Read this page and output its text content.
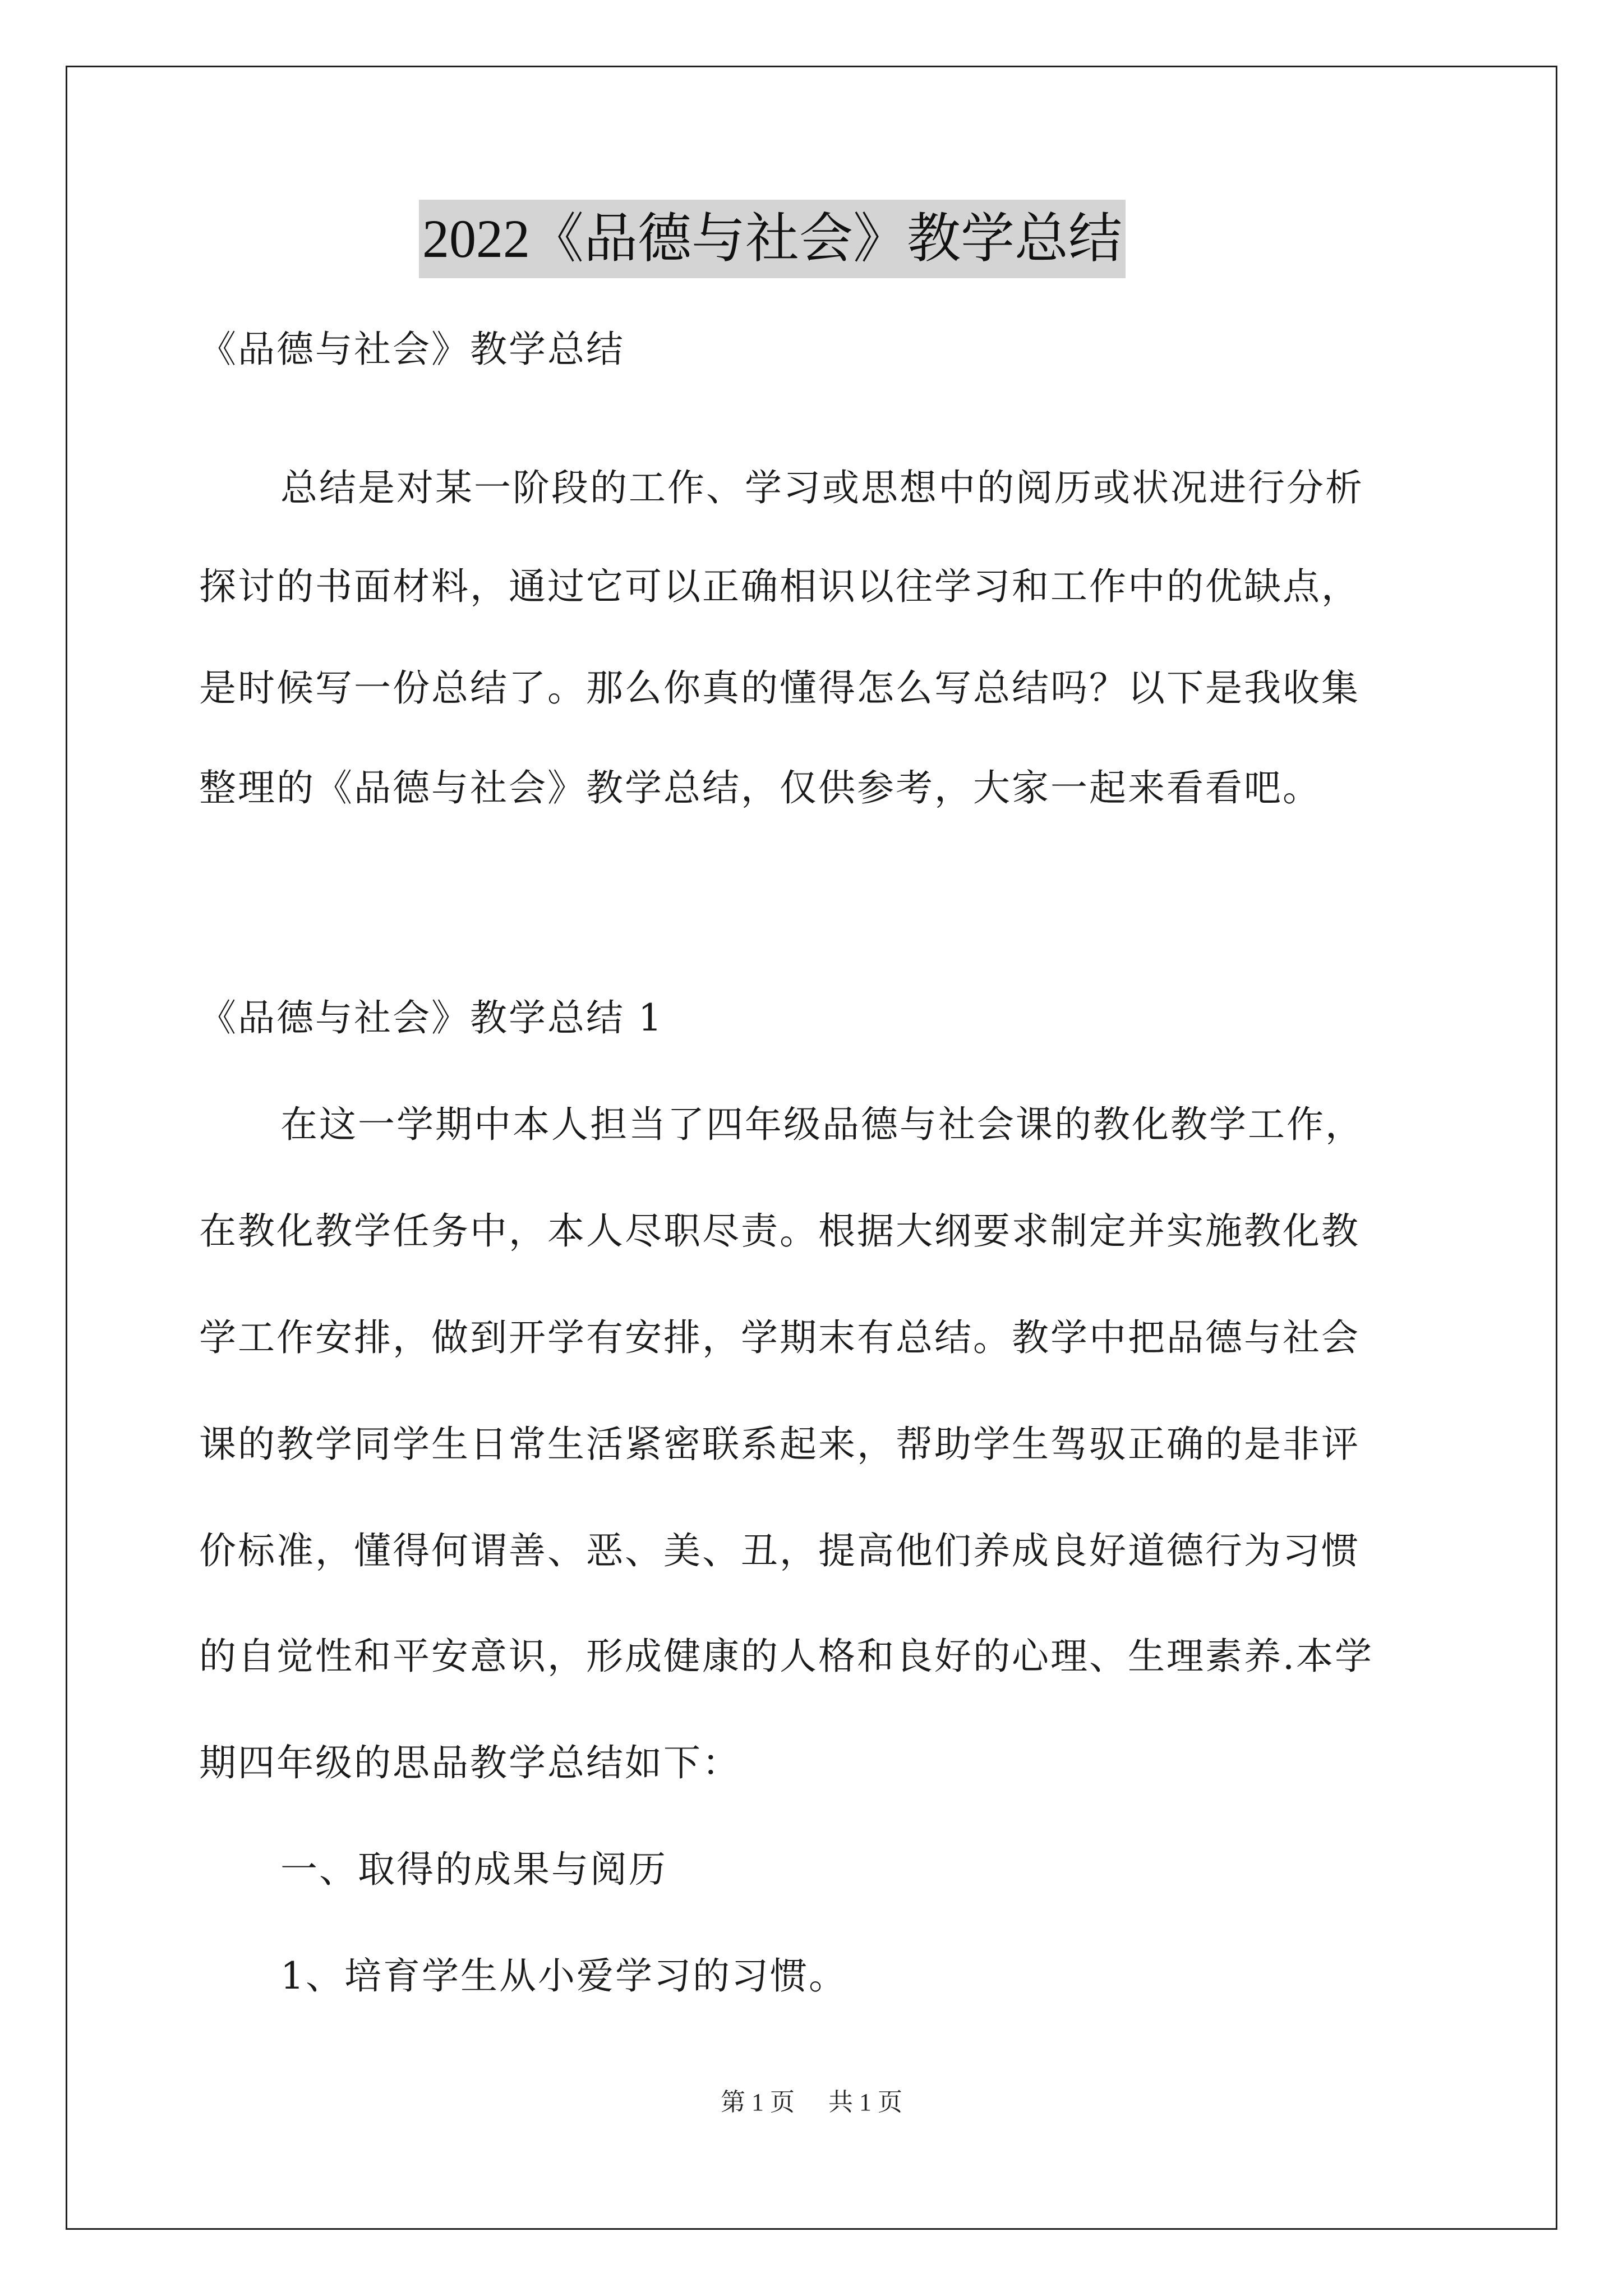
2022《品德与社会》教学总结
《品德与社会》教学总结
总结是对某一阶段的工作、学习或思想中的阅历或状况进行分析
探讨的书面材料，通过它可以正确相识以往学习和工作中的优缺点，
是时候写一份总结了。那么你真的懂得怎么写总结吗？以下是我收集
整理的《品德与社会》教学总结，仅供参考，大家一起来看看吧。
《品德与社会》教学总结 1
在这一学期中本人担当了四年级品德与社会课的教化教学工作，
在教化教学任务中，本人尽职尽责。根据大纲要求制定并实施教化教
学工作安排，做到开学有安排，学期末有总结。教学中把品德与社会
课的教学同学生日常生活紧密联系起来，帮助学生驾驭正确的是非评
价标准，懂得何谓善、恶、美、丑，提高他们养成良好道德行为习惯
的自觉性和平安意识，形成健康的人格和良好的心理、生理素养.本学
期四年级的思品教学总结如下：
一、取得的成果与阅历
1、培育学生从小爱学习的习惯。
第 1 页 共 1 页
